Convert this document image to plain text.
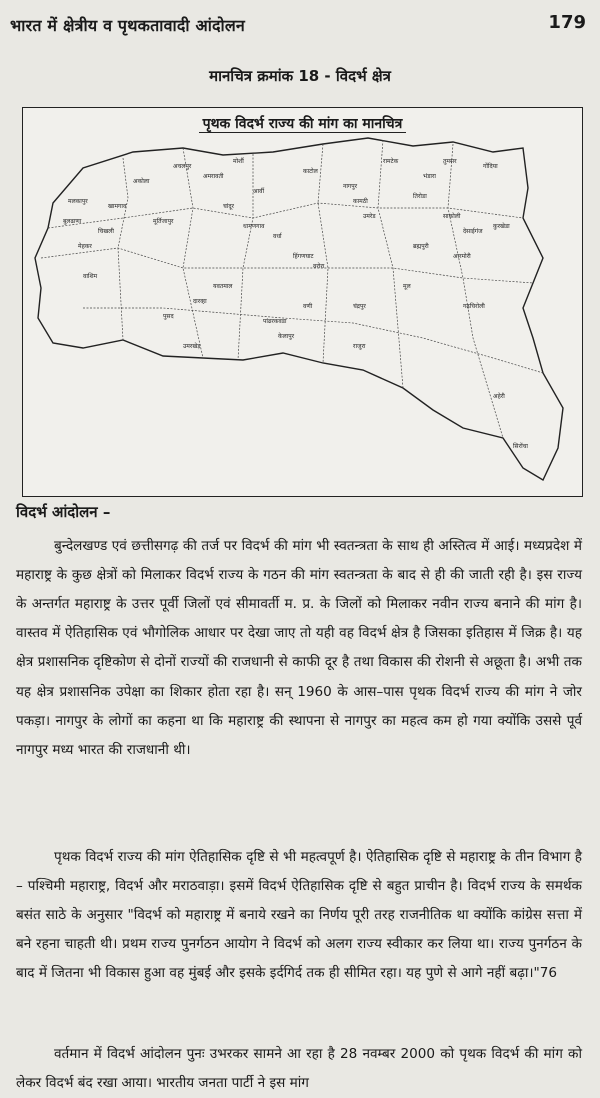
भारत में क्षेत्रीय व पृथकतावादी आंदोलन	179
मानचित्र क्रमांक 18 - विदर्भ क्षेत्र
पृथक विदर्भ राज्य की मांग का मानचित्र
बुलढाणा
अकोला
वाशिम
अमरावती
यवतमाल
वर्धा
नागपुर
भंडारा
गोंदिया
चंद्रपुर	गढ़चिरोली
मूल
सिरोंचा
उमरखेड़
पुसद
दारव्हा
मेहकर
चिखली
मलकापुर
खामगाव
मोर्शी
अचलपुर
काटोल
रामटेक
उमरेड
तुमसर
साकोली
वरोरा
राजुरा
आरमोरी
हिंगणघाट
आर्वी
चांदूर
मूर्तिजापुर
पांढरकवडा
वणी
ब्रह्मपुरी
अहेरी
देसाईगंज
तिरोडा
कुरखेडा
कामठी
धामणगाव
केलापुर
विदर्भ आंदोलन –

बुन्देलखण्ड एवं छत्तीसगढ़ की तर्ज पर विदर्भ की मांग भी स्वतन्त्रता के साथ ही अस्तित्व में आई। मध्यप्रदेश में महाराष्ट्र के कुछ क्षेत्रों को मिलाकर विदर्भ राज्य के गठन की मांग स्वतन्त्रता के बाद से ही की जाती रही है। इस राज्य के अन्तर्गत महाराष्ट्र के उत्तर पूर्वी जिलों एवं सीमावर्ती म. प्र. के जिलों को मिलाकर नवीन राज्य बनाने की मांग है। वास्तव में ऐतिहासिक एवं भौगोलिक आधार पर देखा जाए तो यही वह विदर्भ क्षेत्र है जिसका इतिहास में जिक्र है। यह क्षेत्र प्रशासनिक दृष्टिकोण से दोनों राज्यों की राजधानी से काफी दूर है तथा विकास की रोशनी से अछूता है। अभी तक यह क्षेत्र प्रशासनिक उपेक्षा का शिकार होता रहा है। सन् 1960 के आस–पास पृथक विदर्भ राज्य की मांग ने जोर पकड़ा। नागपुर के लोगों का कहना था कि महाराष्ट्र की स्थापना से नागपुर का महत्व कम हो गया क्योंकि उससे पूर्व नागपुर मध्य भारत की राजधानी थी।

पृथक विदर्भ राज्य की मांग ऐतिहासिक दृष्टि से भी महत्वपूर्ण है। ऐतिहासिक दृष्टि से महाराष्ट्र के तीन विभाग है – पश्चिमी महाराष्ट्र, विदर्भ और मराठवाड़ा। इसमें विदर्भ ऐतिहासिक दृष्टि से बहुत प्राचीन है। विदर्भ राज्य के समर्थक बसंत साठे के अनुसार "विदर्भ को महाराष्ट्र में बनाये रखने का निर्णय पूरी तरह राजनीतिक था क्योंकि कांग्रेस सत्ता में बने रहना चाहती थी। प्रथम राज्य पुनर्गठन आयोग ने विदर्भ को अलग राज्य स्वीकार कर लिया था। राज्य पुनर्गठन के बाद में जितना भी विकास हुआ वह मुंबई और इसके इर्दगिर्द तक ही सीमित रहा। यह पुणे से आगे नहीं बढ़ा।"76

वर्तमान में विदर्भ आंदोलन पुनः उभरकर सामने आ रहा है 28 नवम्बर 2000 को पृथक विदर्भ की मांग को लेकर विदर्भ बंद रखा आया। भारतीय जनता पार्टी ने इस मांग
